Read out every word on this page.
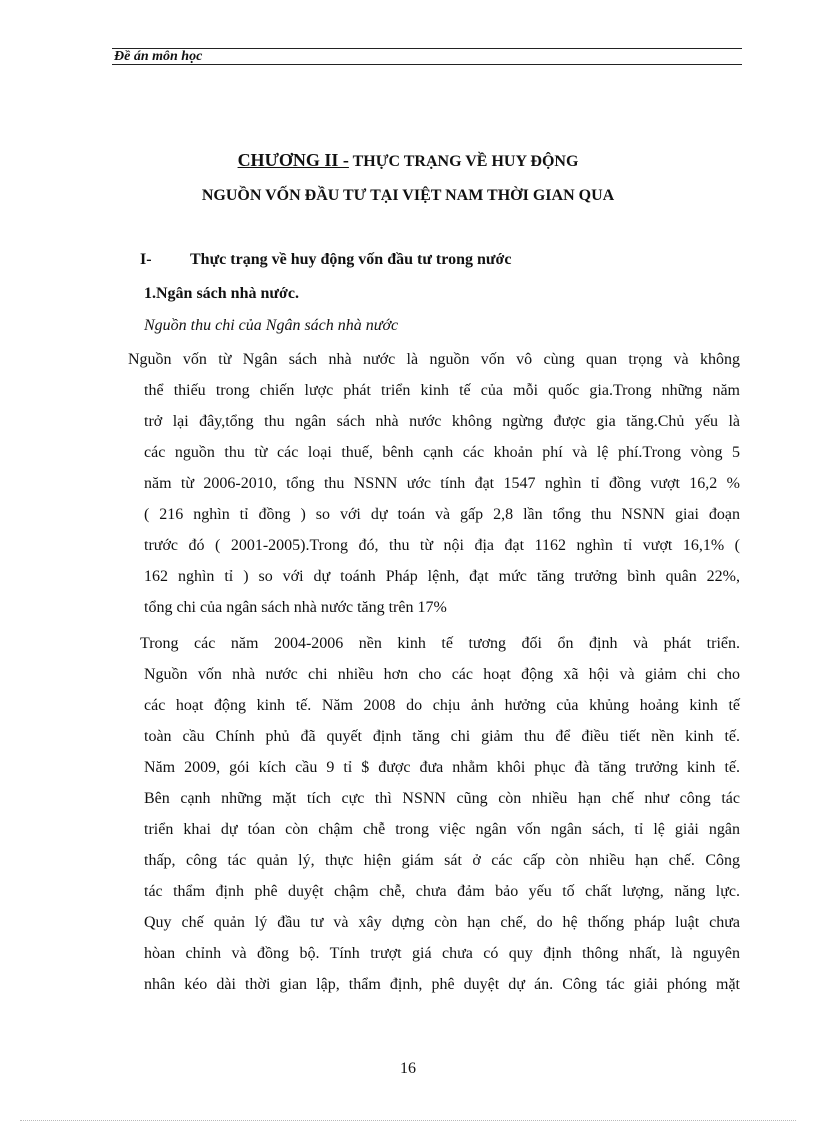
Đề án môn học
CHƯƠNG II - THỰC TRẠNG VỀ HUY ĐỘNG
NGUỒN VỐN ĐẦU TƯ TẠI VIỆT NAM THỜI GIAN QUA
I- Thực trạng về huy động vốn đầu tư trong nước
1.Ngân sách nhà nước.
Nguồn thu chi của Ngân sách nhà nước
Nguồn vốn từ Ngân sách nhà nước là nguồn vốn vô cùng quan trọng và không
thể thiếu trong chiến lược phát triển kinh tế của mỗi quốc gia.Trong những năm
trở lại đây,tổng thu ngân sách nhà nước không ngừng được gia tăng.Chủ yếu là
các nguồn thu từ các loại thuế, bênh cạnh các khoản phí và lệ phí.Trong vòng 5
năm từ 2006-2010, tổng thu NSNN ước tính đạt 1547 nghìn tỉ đồng vượt 16,2 %
( 216 nghìn tỉ đồng ) so với dự toán và gấp 2,8 lần tổng thu NSNN giai đoạn
trước đó ( 2001-2005).Trong đó, thu từ nội địa đạt 1162 nghìn tỉ vượt 16,1% (
162 nghìn tỉ ) so với dự toánh Pháp lệnh, đạt mức tăng trưởng bình quân 22%,
tổng chi của ngân sách nhà nước tăng trên 17%
Trong các năm 2004-2006 nền kinh tế tương đối ổn định và phát triển.
Nguồn vốn nhà nước chi nhiều hơn cho các hoạt động xã hội và giảm chi cho
các hoạt động kinh tế. Năm 2008 do chịu ảnh hưởng của khủng hoảng kinh tế
toàn cầu Chính phủ đã quyết định tăng chi giảm thu để điều tiết nền kinh tế.
Năm 2009, gói kích cầu 9 tỉ $ được đưa nhằm khôi phục đà tăng trưởng kinh tế.
Bên cạnh những mặt tích cực thì NSNN cũng còn nhiều hạn chế như công tác
triển khai dự tóan còn chậm chễ trong việc ngân vốn ngân sách, tỉ lệ giải ngân
thấp, công tác quản lý, thực hiện giám sát ở các cấp còn nhiều hạn chế. Công
tác thẩm định phê duyệt chậm chễ, chưa đảm bảo yếu tố chất lượng, năng lực.
Quy chế quản lý đầu tư và xây dựng còn hạn chế, do hệ thống pháp luật chưa
hòan chỉnh và đồng bộ. Tính trượt giá chưa có quy định thông nhất, là nguyên
nhân kéo dài thời gian lập, thẩm định, phê duyệt dự án. Công tác giải phóng mặt
16
